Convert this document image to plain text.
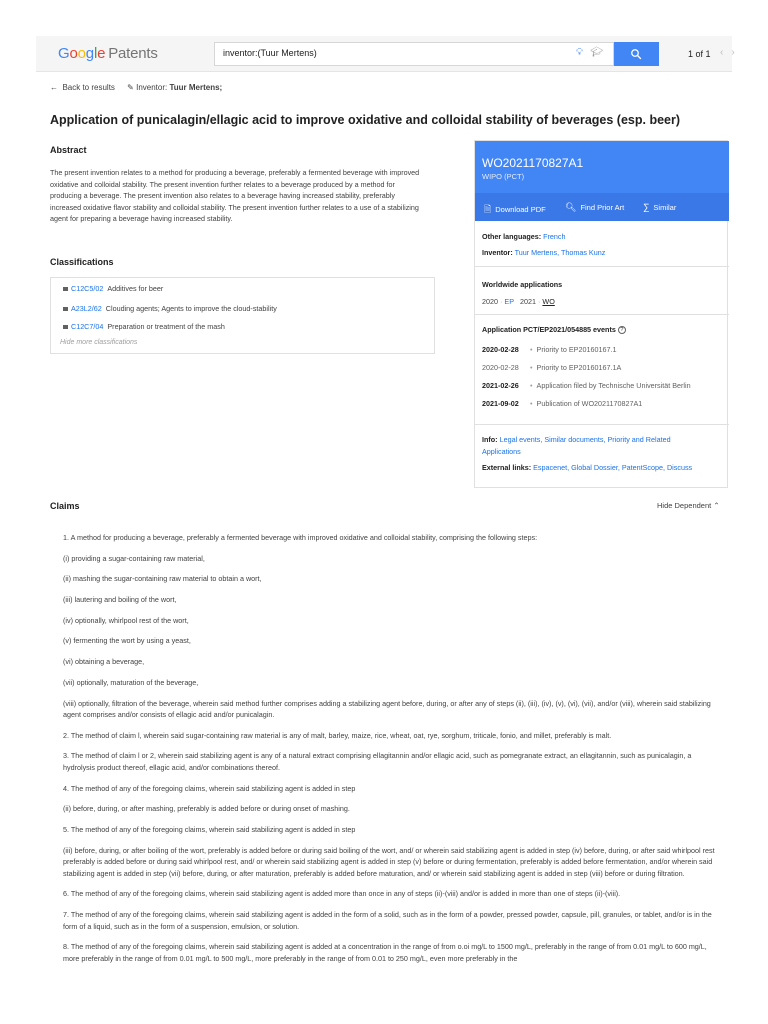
Google Patents	inventor:(Tuur Mertens)	💡︎ 🎓︎	1 of 1 ‹›
← Back to results ✎ Inventor: Tuur Mertens;
Application of punicalagin/ellagic acid to improve oxidative and colloidal stability of beverages (esp. beer)
Abstract
The present invention relates to a method for producing a beverage, preferably a fermented beverage with improved oxidative and colloidal stability. The present invention further relates to a beverage produced by a method for producing a beverage. The present invention also relates to a beverage having increased stability, preferably increased oxidative flavor stability and colloidal stability. The present invention further relates to a use of a stabilizing agent for preparing a beverage having increased stability.
Classifications
C12C5/02 Additives for beer
A23L2/62 Clouding agents; Agents to improve the cloud-stability
C12C7/04 Preparation or treatment of the mash
Hide more classifications
WO2021170827A1
WIPO (PCT)
🗎︎ Download PDF 🔍︎ Find Prior Art ∑ Similar
Other languages: French
Inventor: Tuur Mertens, Thomas Kunz
Worldwide applications
2020 · EP 2021 · WO
Application PCT/EP2021/054885 events ?
2020-02-28 • Priority to EP20160167.1
2020-02-28 • Priority to EP20160167.1A
2021-02-26 • Application filed by Technische Universität Berlin
2021-09-02 • Publication of WO2021170827A1
Info: Legal events, Similar documents, Priority and Related
Applications
External links: Espacenet, Global Dossier, PatentScope, Discuss
Claims	Hide Dependent ⌃

1. A method for producing a beverage, preferably a fermented beverage with improved oxidative and colloidal stability, comprising the following steps:

(i) providing a sugar-containing raw material,

(ii) mashing the sugar-containing raw material to obtain a wort,

(iii) lautering and boiling of the wort,

(iv) optionally, whirlpool rest of the wort,

(v) fermenting the wort by using a yeast,

(vi) obtaining a beverage,

(vii) optionally, maturation of the beverage,

(viii) optionally, filtration of the beverage, wherein said method further comprises adding a stabilizing agent before, during, or after any of steps (ii), (iii), (iv), (v), (vi), (vii), and/or (viii), wherein said stabilizing agent comprises and/or consists of ellagic acid and/or punicalagin.

2. The method of claim l, wherein said sugar-containing raw material is any of malt, barley, maize, rice, wheat, oat, rye, sorghum, triticale, fonio, and millet, preferably is malt.

3. The method of claim l or 2, wherein said stabilizing agent is any of a natural extract comprising ellagitannin and/or ellagic acid, such as pomegranate extract, an ellagitannin, such as punicalagin, a hydrolysis product thereof, ellagic acid, and/or combinations thereof.

4. The method of any of the foregoing claims, wherein said stabilizing agent is added in step

(ii) before, during, or after mashing, preferably is added before or during onset of mashing.

5. The method of any of the foregoing claims, wherein said stabilizing agent is added in step

(iii) before, during, or after boiling of the wort, preferably is added before or during said boiling of the wort, and/ or wherein said stabilizing agent is added in step (iv) before, during, or after said whirlpool rest preferably is added before or during said whirlpool rest, and/ or wherein said stabilizing agent is added in step (v) before or during fermentation, preferably is added before fermentation, and/or wherein said stabilizing agent is added in step (vii) before, during, or after maturation, preferably is added before maturation, and/ or wherein said stabilizing agent is added in step (viii) before or during filtration.

6. The method of any of the foregoing claims, wherein said stabilizing agent is added more than once in any of steps (ii)-(viii) and/or is added in more than one of steps (ii)-(viii).

7. The method of any of the foregoing claims, wherein said stabilizing agent is added in the form of a solid, such as in the form of a powder, pressed powder, capsule, pill, granules, or tablet, and/or is in the form of a liquid, such as in the form of a suspension, emulsion, or solution.

8. The method of any of the foregoing claims, wherein said stabilizing agent is added at a concentration in the range of from o.oi mg/L to 1500 mg/L, preferably in the range of from 0.01 mg/L to 600 mg/L, more preferably in the range of from 0.01 mg/L to 500 mg/L, more preferably in the range of from 0.01 to 250 mg/L, even more preferably in the
